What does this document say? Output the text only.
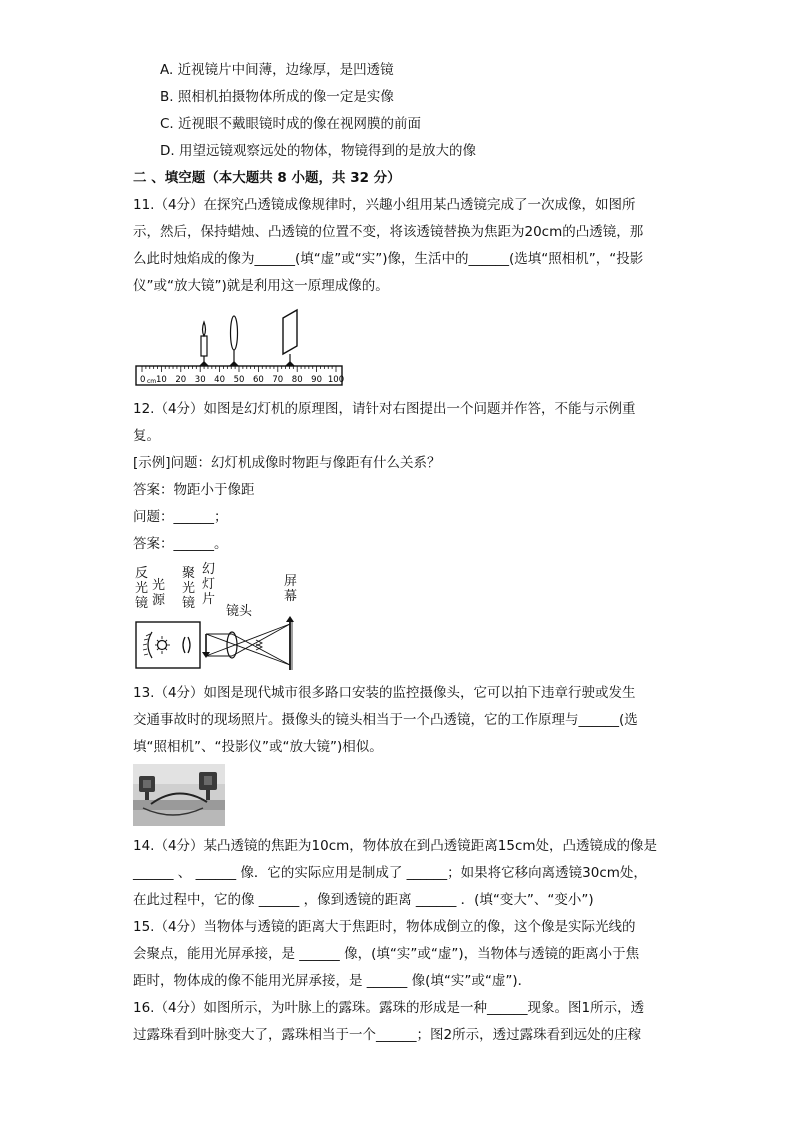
A. 近视镜片中间薄，边缘厚，是凹透镜
B. 照相机拍摄物体所成的像一定是实像
C. 近视眼不戴眼镜时成的像在视网膜的前面
D. 用望远镜观察远处的物体，物镜得到的是放大的像
二 、填空题（本大题共 8 小题，共 32 分）
11.（4分）在探究凸透镜成像规律时，兴趣小组用某凸透镜完成了一次成像，如图所
示，然后，保持蜡烛、凸透镜的位置不变，将该透镜替换为焦距为20cm的凸透镜，那
么此时烛焰成的像为______(填“虚”或“实”)像，生活中的______(选填“照相机”，“投影
仪”或“放大镜”)就是利用这一原理成像的。
0 10 20 30 40 50 60 70 80 90 100
cm
12.（4分）如图是幻灯机的原理图，请针对右图提出一个问题并作答，不能与示例重
复。
[示例]问题：幻灯机成像时物距与像距有什么关系？
答案：物距小于像距
问题：______；
答案：______。
反光镜
光源
聚光镜
幻灯片
镜头
屏幕
13.（4分）如图是现代城市很多路口安装的监控摄像头，它可以拍下违章行驶或发生
交通事故时的现场照片。摄像头的镜头相当于一个凸透镜，它的工作原理与______(选
填“照相机”、“投影仪”或“放大镜”)相似。
14.（4分）某凸透镜的焦距为10cm，物体放在到凸透镜距离15cm处，凸透镜成的像是
______ 、 ______ 像．它的实际应用是制成了 ______；如果将它移向离透镜30cm处，
在此过程中，它的像 ______ ，像到透镜的距离 ______ ．(填“变大”、“变小”)
15.（4分）当物体与透镜的距离大于焦距时，物体成倒立的像，这个像是实际光线的
会聚点，能用光屏承接，是 ______ 像，(填“实”或“虚”)，当物体与透镜的距离小于焦
距时，物体成的像不能用光屏承接，是 ______ 像(填“实”或“虚”)．
16.（4分）如图所示，为叶脉上的露珠。露珠的形成是一种______现象。图1所示，透
过露珠看到叶脉变大了，露珠相当于一个______；图2所示，透过露珠看到远处的庄稼
